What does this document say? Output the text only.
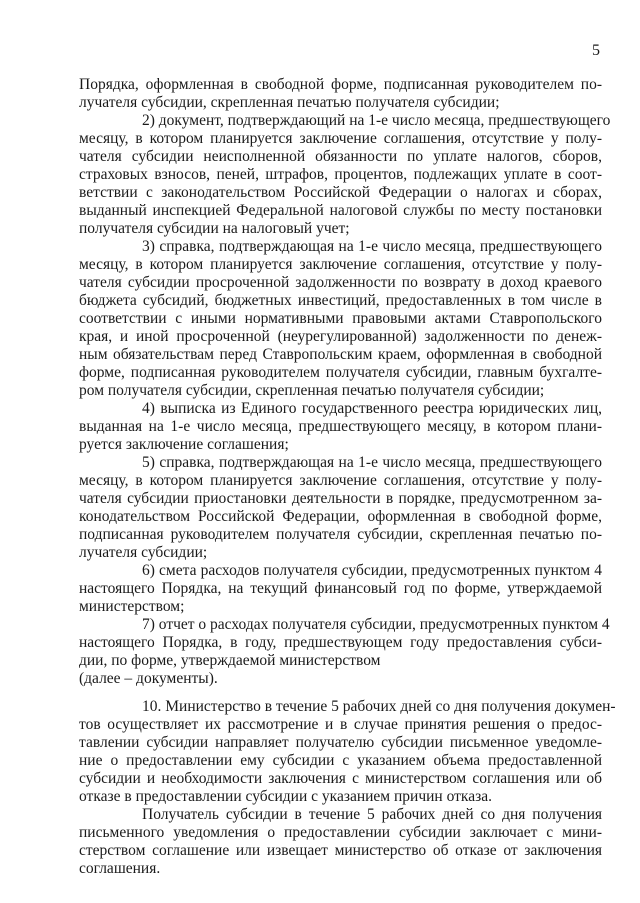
5
Порядка, оформленная в свободной форме, подписанная руководителем по-
лучателя субсидии, скрепленная печатью получателя субсидии;
2) документ, подтверждающий на 1-е число месяца, предшествующего
месяцу, в котором планируется заключение соглашения, отсутствие у полу-
чателя субсидии неисполненной обязанности по уплате налогов, сборов,
страховых взносов, пеней, штрафов, процентов, подлежащих уплате в соот-
ветствии с законодательством Российской Федерации о налогах и сборах,
выданный инспекцией Федеральной налоговой службы по месту постановки
получателя субсидии на налоговый учет;
3) справка, подтверждающая на 1-е число месяца, предшествующего
месяцу, в котором планируется заключение соглашения, отсутствие у полу-
чателя субсидии просроченной задолженности по возврату в доход краевого
бюджета субсидий, бюджетных инвестиций, предоставленных в том числе в
соответствии с иными нормативными правовыми актами Ставропольского
края, и иной просроченной (неурегулированной) задолженности по денеж-
ным обязательствам перед Ставропольским краем, оформленная в свободной
форме, подписанная руководителем получателя субсидии, главным бухгалте-
ром получателя субсидии, скрепленная печатью получателя субсидии;
4) выписка из Единого государственного реестра юридических лиц,
выданная на 1-е число месяца, предшествующего месяцу, в котором плани-
руется заключение соглашения;
5) справка, подтверждающая на 1-е число месяца, предшествующего
месяцу, в котором планируется заключение соглашения, отсутствие у полу-
чателя субсидии приостановки деятельности в порядке, предусмотренном за-
конодательством Российской Федерации, оформленная в свободной форме,
подписанная руководителем получателя субсидии, скрепленная печатью по-
лучателя субсидии;
6) смета расходов получателя субсидии, предусмотренных пунктом 4
настоящего Порядка, на текущий финансовый год по форме, утверждаемой
министерством;
7) отчет о расходах получателя субсидии, предусмотренных пунктом 4
настоящего Порядка, в году, предшествующем году предоставления субси-
дии, по форме, утверждаемой министерством
(далее – документы).
10. Министерство в течение 5 рабочих дней со дня получения докумен-
тов осуществляет их рассмотрение и в случае принятия решения о предос-
тавлении субсидии направляет получателю субсидии письменное уведомле-
ние о предоставлении ему субсидии с указанием объема предоставленной
субсидии и необходимости заключения с министерством соглашения или об
отказе в предоставлении субсидии с указанием причин отказа.
Получатель субсидии в течение 5 рабочих дней со дня получения
письменного уведомления о предоставлении субсидии заключает с мини-
стерством соглашение или извещает министерство об отказе от заключения
соглашения.
